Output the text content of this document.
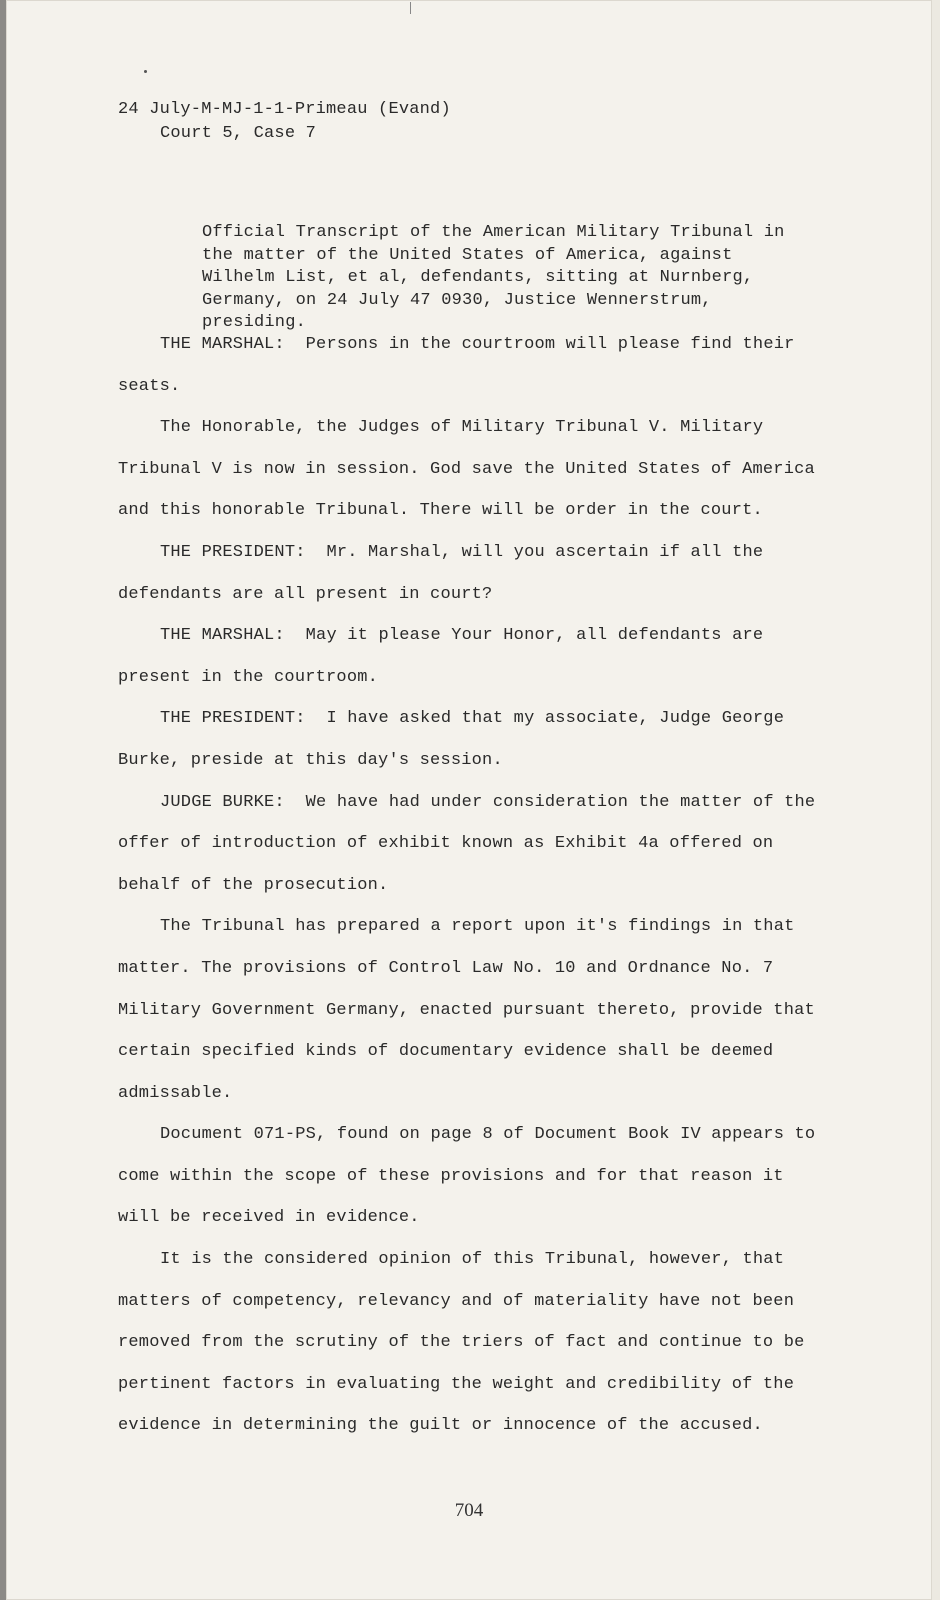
24 July-M-MJ-1-1-Primeau (Evand)
Court 5, Case 7
Official Transcript of the American Military Tribunal in the matter of the United States of America, against Wilhelm List, et al, defendants, sitting at Nurnberg, Germany, on 24 July 47 0930, Justice Wennerstrum, presiding.

THE MARSHAL: Persons in the courtroom will please find their seats.

The Honorable, the Judges of Military Tribunal V. Military Tribunal V is now in session. God save the United States of America and this honorable Tribunal. There will be order in the court.

THE PRESIDENT: Mr. Marshal, will you ascertain if all the defendants are all present in court?

THE MARSHAL: May it please Your Honor, all defendants are present in the courtroom.

THE PRESIDENT: I have asked that my associate, Judge George Burke, preside at this day's session.

JUDGE BURKE: We have had under consideration the matter of the offer of introduction of exhibit known as Exhibit 4a offered on behalf of the prosecution.

The Tribunal has prepared a report upon it's findings in that matter. The provisions of Control Law No. 10 and Ordnance No. 7 Military Government Germany, enacted pursuant thereto, provide that certain specified kinds of documentary evidence shall be deemed admissable.

Document 071-PS, found on page 8 of Document Book IV appears to come within the scope of these provisions and for that reason it will be received in evidence.

It is the considered opinion of this Tribunal, however, that matters of competency, relevancy and of materiality have not been removed from the scrutiny of the triers of fact and continue to be pertinent factors in evaluating the weight and credibility of the evidence in determining the guilt or innocence of the accused.

704
